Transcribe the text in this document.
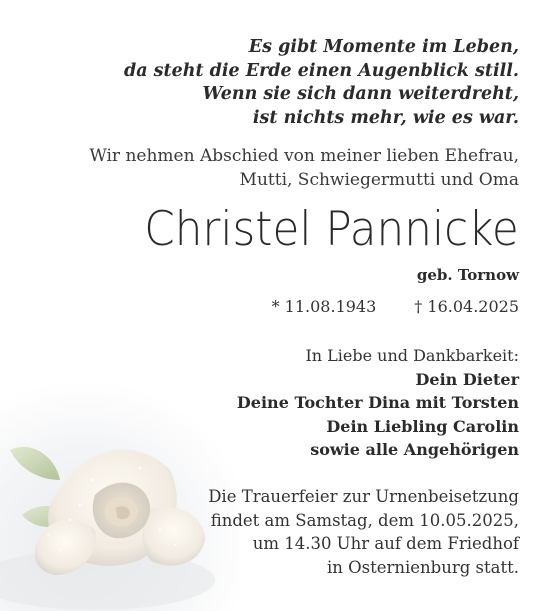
Es gibt Momente im Leben,
da steht die Erde einen Augenblick still.
Wenn sie sich dann weiterdreht,
ist nichts mehr, wie es war.
Wir nehmen Abschied von meiner lieben Ehefrau,
Mutti, Schwiegermutti und Oma
Christel Pannicke
geb. Tornow
* 11.08.1943 † 16.04.2025
In Liebe und Dankbarkeit:
Dein Dieter
Deine Tochter Dina mit Torsten
Dein Liebling Carolin
sowie alle Angehörigen
Die Trauerfeier zur Urnenbeisetzung
findet am Samstag, dem 10.05.2025,
um 14.30 Uhr auf dem Friedhof
in Osternienburg statt.
